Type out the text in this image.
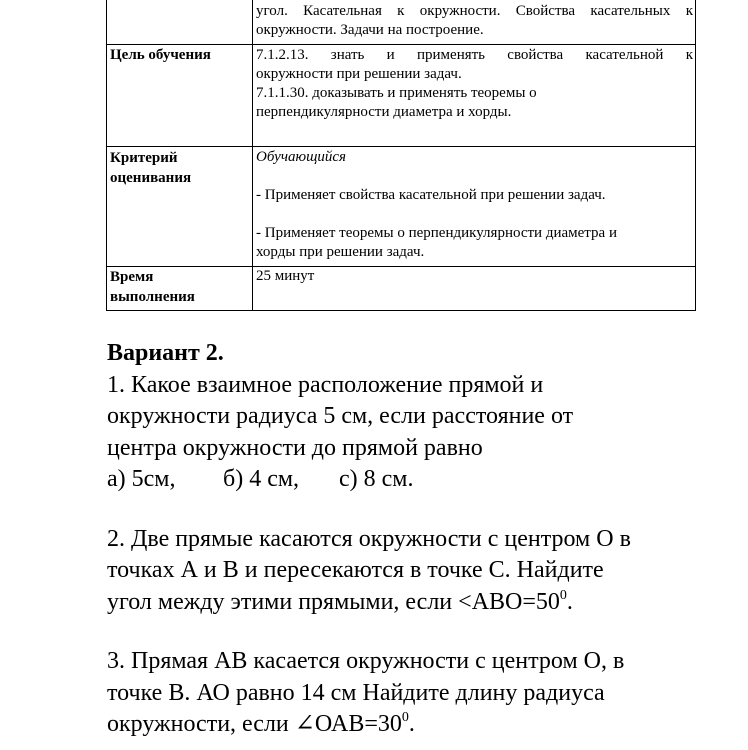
	угол. Касательная к окружности. Свойства касательных к
окружности. Задачи на построение.

Цель обучения	7.1.2.13. знать и применять свойства касательной к
окружности при решении задач.
7.1.1.30. доказывать и применять теоремы о
перпендикулярности диаметра и хорды.

Критерий
оценивания	Обучающийся
- Применяет свойства касательной при решении задач.
- Применяет теоремы о перпендикулярности диаметра и
хорды при решении задач.

Время
выполнения	25 минут
Вариант 2.
1. Какое взаимное расположение прямой и
окружности радиуса 5 см, если расстояние от
центра окружности до прямой равно
а) 5см, б) 4 см, с) 8 см.
2. Две прямые касаются окружности с центром О в
точках А и В и пересекаются в точке С. Найдите
угол между этими прямыми, если $<АВО=50^0$.
3. Прямая АВ касается окружности с центром О, в
точке В. АО равно 14 см Найдите длину радиуса
окружности, если $\angle ОАВ=30^0$.
